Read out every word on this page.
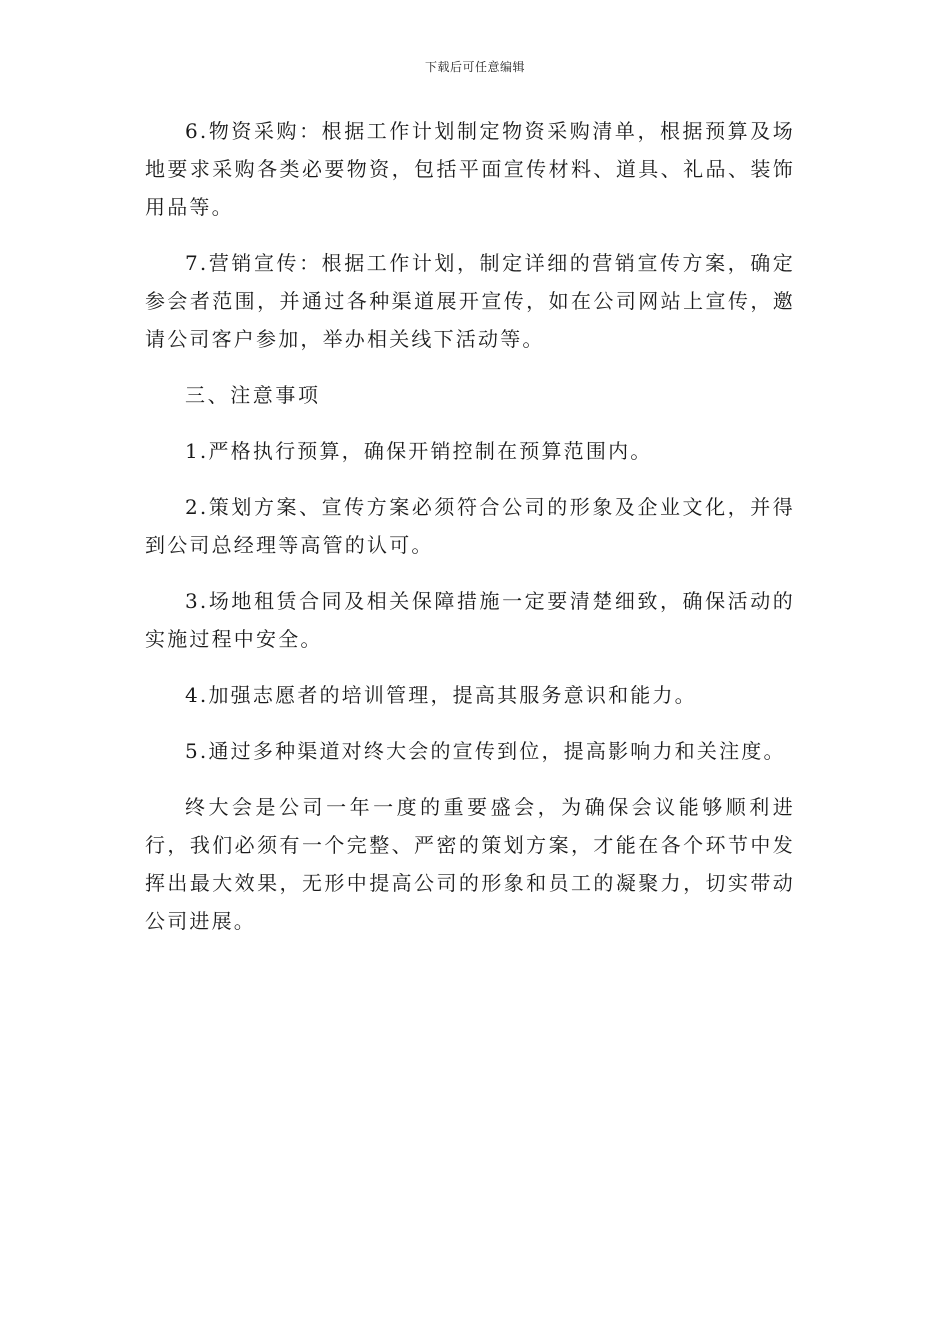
下载后可任意编辑

6.物资采购：根据工作计划制定物资采购清单，根据预算及场地要求采购各类必要物资，包括平面宣传材料、道具、礼品、装饰用品等。

7.营销宣传：根据工作计划，制定详细的营销宣传方案，确定参会者范围，并通过各种渠道展开宣传，如在公司网站上宣传，邀请公司客户参加，举办相关线下活动等。

三、注意事项

1.严格执行预算，确保开销控制在预算范围内。

2.策划方案、宣传方案必须符合公司的形象及企业文化，并得到公司总经理等高管的认可。

3.场地租赁合同及相关保障措施一定要清楚细致，确保活动的实施过程中安全。

4.加强志愿者的培训管理，提高其服务意识和能力。

5.通过多种渠道对终大会的宣传到位，提高影响力和关注度。

终大会是公司一年一度的重要盛会，为确保会议能够顺利进行，我们必须有一个完整、严密的策划方案，才能在各个环节中发挥出最大效果，无形中提高公司的形象和员工的凝聚力，切实带动公司进展。
